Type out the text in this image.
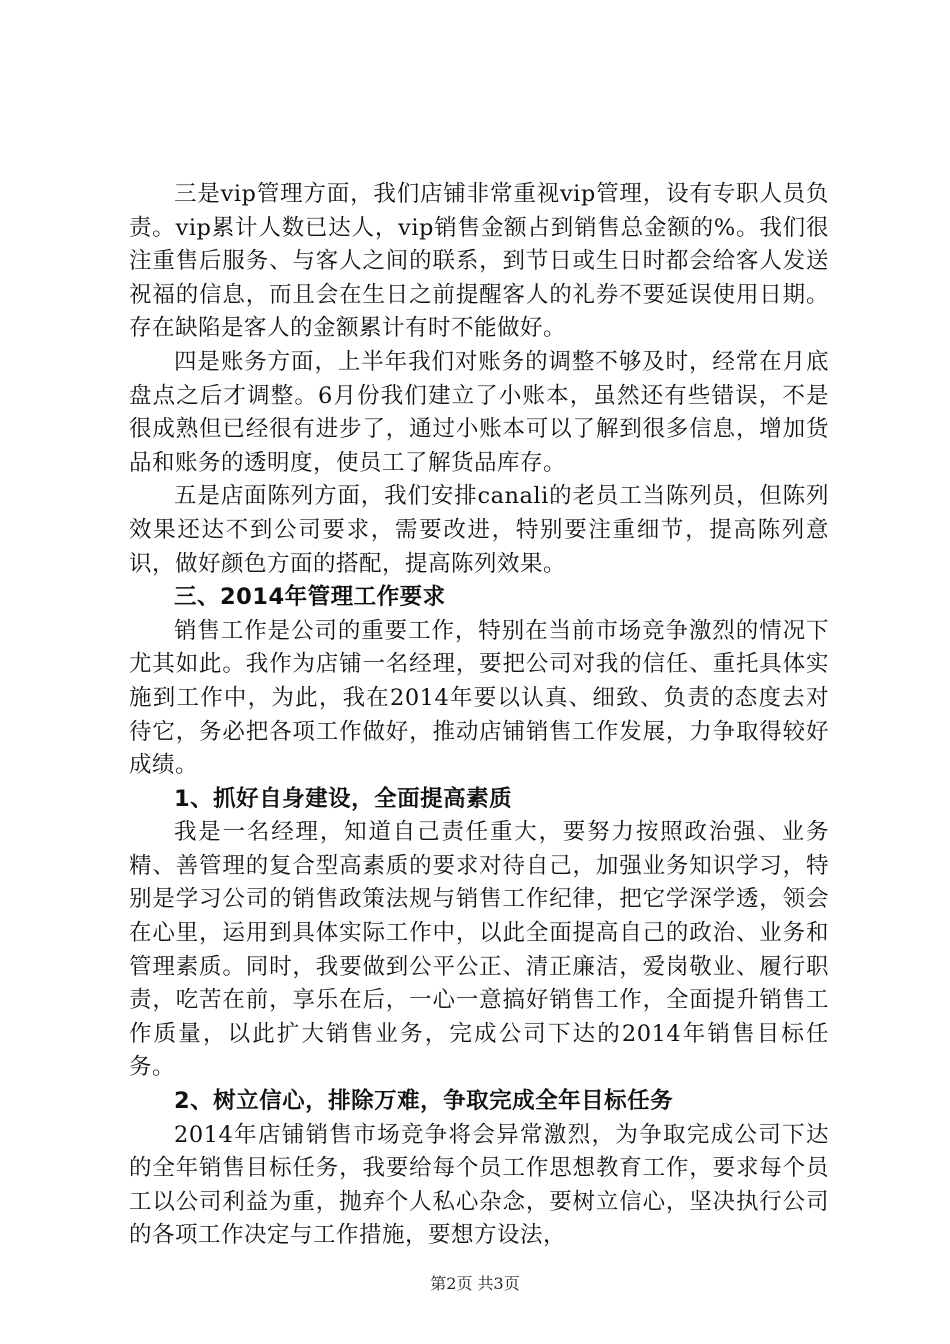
三是vip管理方面，我们店铺非常重视vip管理，设有专职人员负责。vip累计人数已达人，vip销售金额占到销售总金额的%。我们很注重售后服务、与客人之间的联系，到节日或生日时都会给客人发送祝福的信息，而且会在生日之前提醒客人的礼券不要延误使用日期。存在缺陷是客人的金额累计有时不能做好。

四是账务方面，上半年我们对账务的调整不够及时，经常在月底盘点之后才调整。6月份我们建立了小账本，虽然还有些错误，不是很成熟但已经很有进步了，通过小账本可以了解到很多信息，增加货品和账务的透明度，使员工了解货品库存。

五是店面陈列方面，我们安排canali的老员工当陈列员，但陈列效果还达不到公司要求，需要改进，特别要注重细节，提高陈列意识，做好颜色方面的搭配，提高陈列效果。

三、2014年管理工作要求

销售工作是公司的重要工作，特别在当前市场竞争激烈的情况下尤其如此。我作为店铺一名经理，要把公司对我的信任、重托具体实施到工作中，为此，我在2014年要以认真、细致、负责的态度去对待它，务必把各项工作做好，推动店铺销售工作发展，力争取得较好成绩。

1、抓好自身建设，全面提高素质

我是一名经理，知道自己责任重大，要努力按照政治强、业务精、善管理的复合型高素质的要求对待自己，加强业务知识学习，特别是学习公司的销售政策法规与销售工作纪律，把它学深学透，领会在心里，运用到具体实际工作中，以此全面提高自己的政治、业务和管理素质。同时，我要做到公平公正、清正廉洁，爱岗敬业、履行职责，吃苦在前，享乐在后，一心一意搞好销售工作，全面提升销售工作质量，以此扩大销售业务，完成公司下达的2014年销售目标任务。

2、树立信心，排除万难，争取完成全年目标任务

2014年店铺销售市场竞争将会异常激烈，为争取完成公司下达的全年销售目标任务，我要给每个员工作思想教育工作，要求每个员工以公司利益为重，抛弃个人私心杂念，要树立信心，坚决执行公司的各项工作决定与工作措施，要想方设法，

第2页 共3页
